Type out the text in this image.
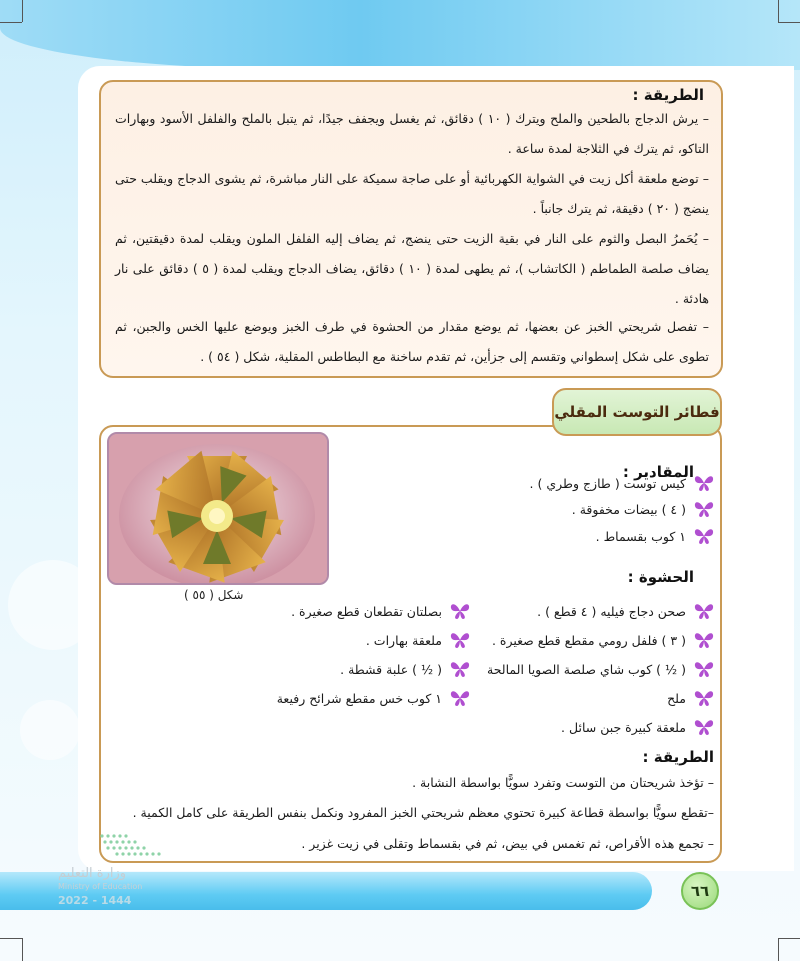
الطريقة :
– يرش الدجاج بالطحين والملح ويترك ( ١٠ ) دقائق، ثم يغسل ويجفف جيدًا، ثم يتبل بالملح والفلفل الأسود وبهارات التاكو، ثم يترك في الثلاجة لمدة ساعة .
– توضع ملعقة أكل زيت في الشواية الكهربائية أو على صاجة سميكة على النار مباشرة، ثم يشوى الدجاج ويقلب حتى ينضج ( ٢٠ ) دقيقة، ثم يترك جانباً .
– يُحَمرُ البصل والثوم على النار في بقية الزيت حتى ينضج، ثم يضاف إليه الفلفل الملون ويقلب لمدة دقيقتين، ثم يضاف صلصة الطماطم ( الكاتشاب )، ثم يطهى لمدة ( ١٠ ) دقائق، يضاف الدجاج ويقلب لمدة ( ٥ ) دقائق على نار هادئة .
– تفصل شريحتي الخبز عن بعضها، ثم يوضع مقدار من الحشوة في طرف الخبز ويوضع عليها الخس والجبن، ثم تطوى على شكل إسطواني وتقسم إلى جزأين، ثم تقدم ساخنة مع البطاطس المقلية، شكل ( ٥٤ ) .
فطائر التوست المقلي
شكل ( ٥٥ )
المقادير :
كيس توست ( طازج وطري ) .
( ٤ ) بيضات مخفوقة .
١ كوب بقسماط .
الحشوة :
صحن دجاج فيليه ( ٤ قطع ) .
( ٣ ) فلفل رومي مقطع قطع صغيرة .
( ½ ) كوب شاي صلصة الصويا المالحة
ملح
ملعقة كبيرة جبن سائل .
بصلتان تقطعان قطع صغيرة .
ملعقة بهارات .
( ½ ) علبة قشطة .
١ كوب خس مقطع شرائح رفيعة
الطريقة :
– تؤخذ شريحتان من التوست وتفرد سويًّا بواسطة النشابة .
–تقطع سويًّا بواسطة قطاعة كبيرة تحتوي معظم شريحتي الخبز المفرود ونكمل بنفس الطريقة على كامل الكمية .
– تجمع هذه الأقراص، ثم تغمس في بيض، ثم في بقسماط وتقلى في زيت غزير .
وزارة التعليم
Ministry of Education
2022 - 1444
٦٦
